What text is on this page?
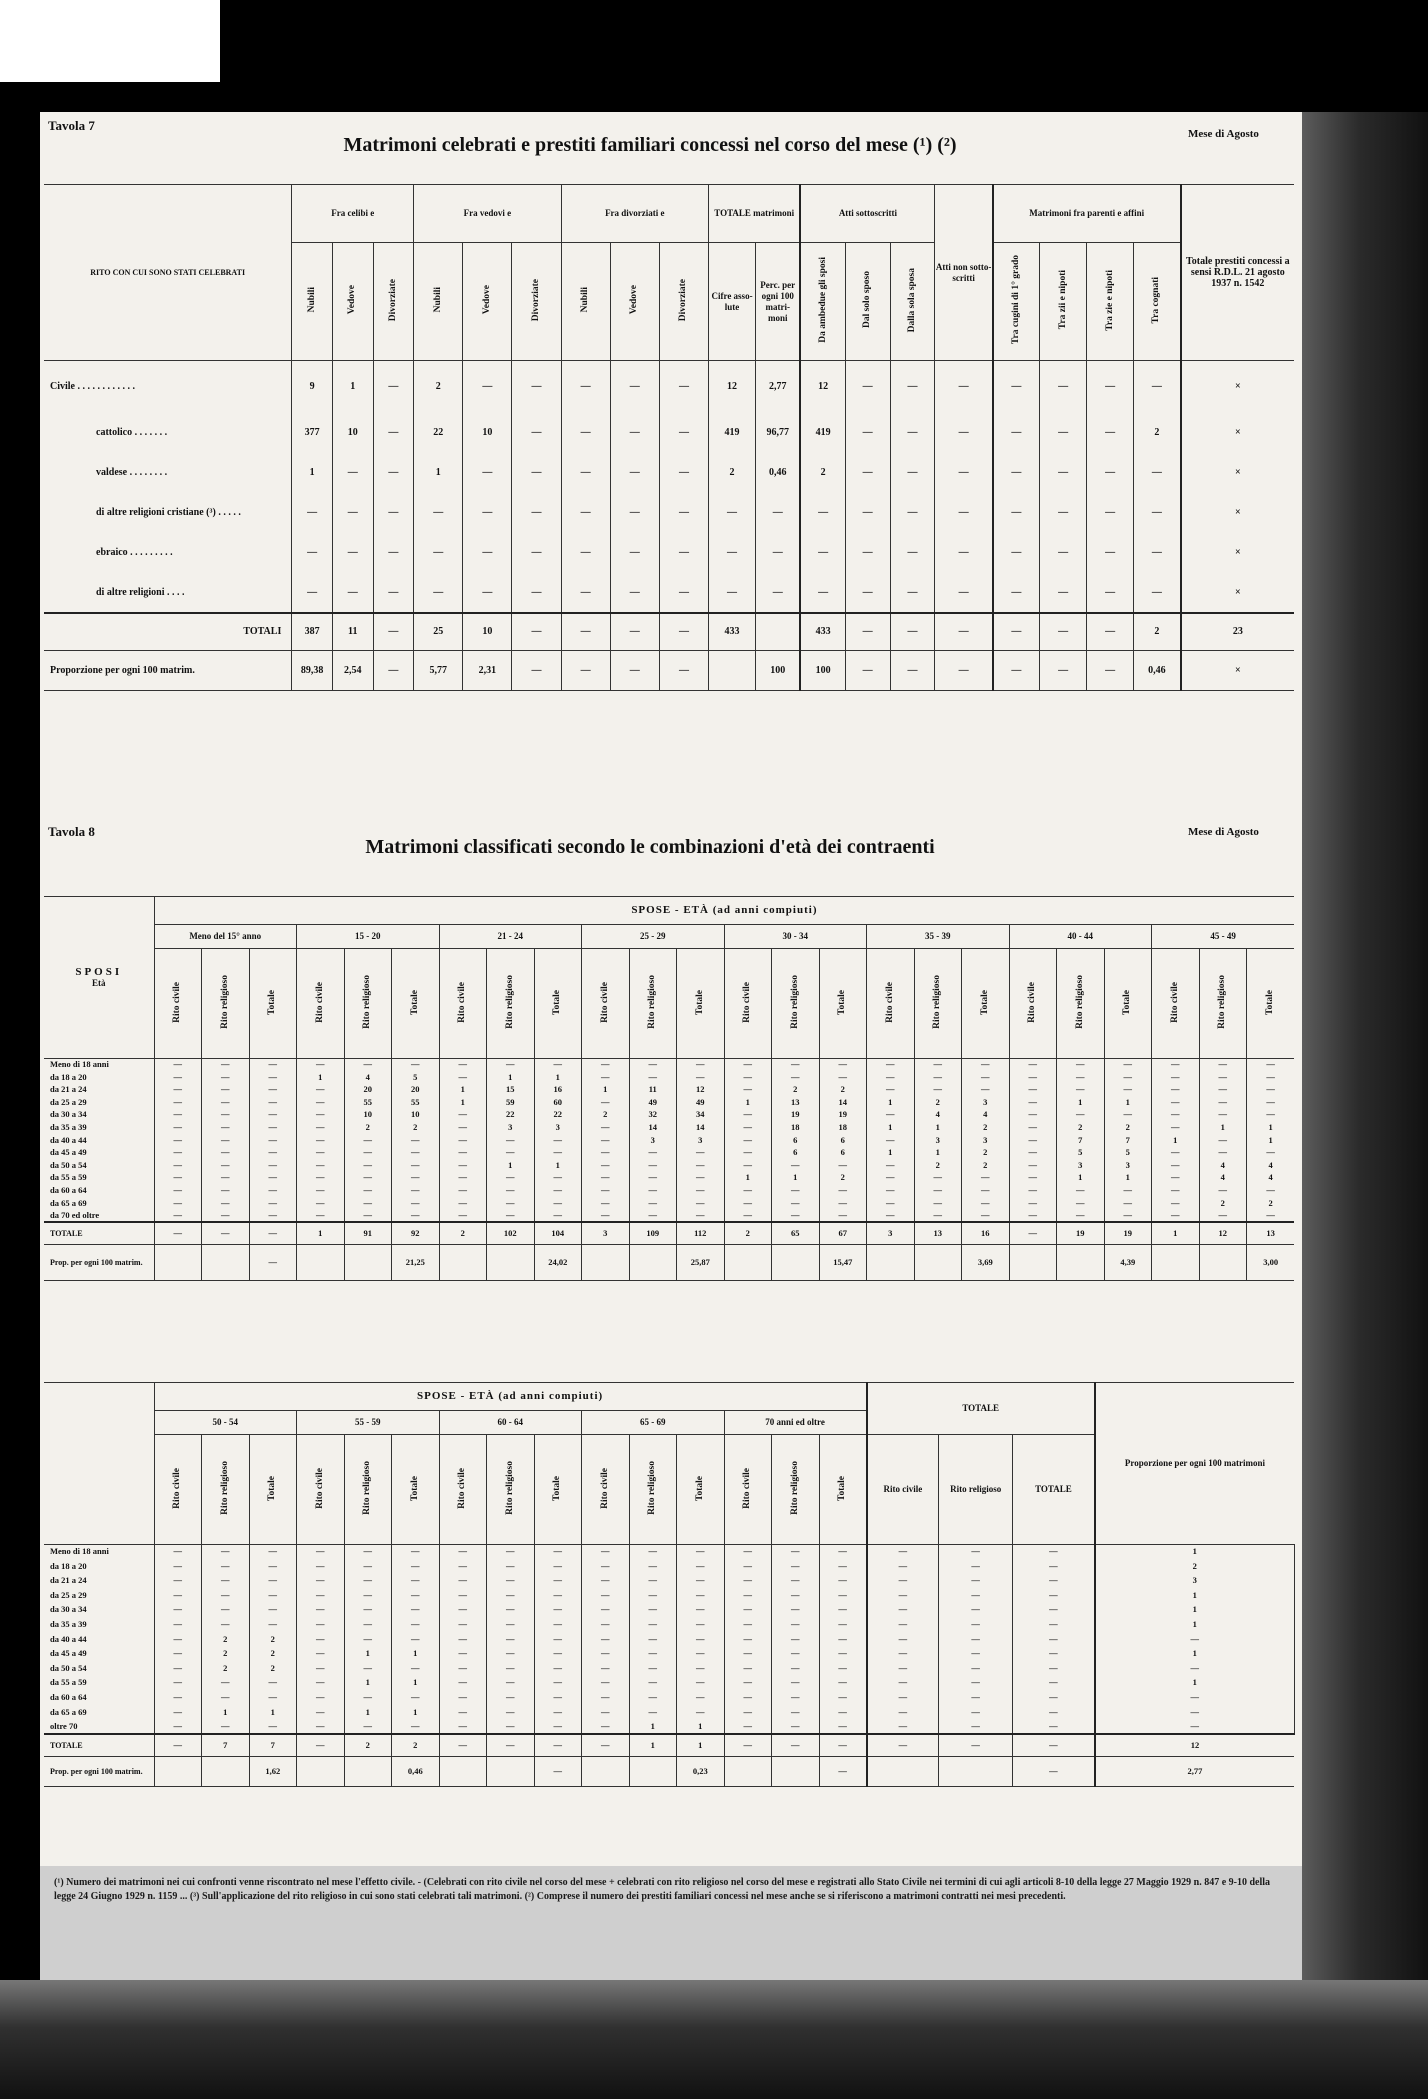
Tavola 7
Matrimoni celebrati e prestiti familiari concessi nel corso del mese (¹) (²)	Mese di Agosto
RITO CON CUI SONO STATI CELEBRATI	Fra celibi e			Fra vedovi e			Fra divorziati e			TOTALE matrimoni		Atti sottoscritti			Atti non sotto- scritti	Matrimoni fra parenti e affini				Totale prestiti concessi a sensi R.D.L. 21 agosto 1937 n. 1542
	Nubili	Vedove	Divorziate	Nubili	Vedove	Divorziate	Nubili	Vedove	Divorziate	Cifre asso- lute	Perc. per ogni 100 matri- moni	Da ambedue gli sposi	Dal solo sposo	Dalla sola sposa		Tra cugini di 1° grado	Tra zii e nipoti	Tra zie e nipoti	Tra cognati	
Civile . . . . . . . . . . . .	9	1	—	2	—	—	—	—	—	12	2,77	12	—	—	—	—	—	—	—	×
cattolico . . . . . . .	377	10	—	22	10	—	—	—	—	419	96,77	419	—	—	—	—	—	—	2	×
valdese . . . . . . . .	1	—	—	1	—	—	—	—	—	2	0,46	2	—	—	—	—	—	—	—	×
di altre religioni cristiane (³) . . . . .	—	—	—	—	—	—	—	—	—	—	—	—	—	—	—	—	—	—	—	×
ebraico . . . . . . . . .	—	—	—	—	—	—	—	—	—	—	—	—	—	—	—	—	—	—	—	×
di altre religioni . . . .	—	—	—	—	—	—	—	—	—	—	—	—	—	—	—	—	—	—	—	×
TOTALI	387	11	—	25	10	—	—	—	—	433		433	—	—	—	—	—	—	2	23
Proporzione per ogni 100 matrim.	89,38	2,54	—	5,77	2,31	—	—	—	—		100	100	—	—	—	—	—	—	0,46	×
Tavola 8
Matrimoni classificati secondo le combinazioni d'età dei contraenti
Mese di Agosto
SPOSI
Età	SPOSE - ETÀ (ad anni compiuti)																							
	Meno del 15° anno			15 - 20			21 - 24			25 - 29			30 - 34			35 - 39			40 - 44			45 - 49		
	Rito civile	Rito religioso	Totale	Rito civile	Rito religioso	Totale	Rito civile	Rito religioso	Totale	Rito civile	Rito religioso	Totale	Rito civile	Rito religioso	Totale	Rito civile	Rito religioso	Totale	Rito civile	Rito religioso	Totale	Rito civile	Rito religioso	Totale
Meno di 18 anni	—	—	—	—	—	—	—	—	—	—	—	—	—	—	—	—	—	—	—	—	—	—	—	—
da 18 a 20	—	—	—	1	4	5	—	1	1	—	—	—	—	—	—	—	—	—	—	—	—	—	—	—
da 21 a 24	—	—	—	—	20	20	1	15	16	1	11	12	—	2	2	—	—	—	—	—	—	—	—	—
da 25 a 29	—	—	—	—	55	55	1	59	60	—	49	49	1	13	14	1	2	3	—	1	1	—	—	—
da 30 a 34	—	—	—	—	10	10	—	22	22	2	32	34	—	19	19	—	4	4	—	—	—	—	—	—
da 35 a 39	—	—	—	—	2	2	—	3	3	—	14	14	—	18	18	1	1	2	—	2	2	—	1	1
da 40 a 44	—	—	—	—	—	—	—	—	—	—	3	3	—	6	6	—	3	3	—	7	7	1	—	1
da 45 a 49	—	—	—	—	—	—	—	—	—	—	—	—	—	6	6	1	1	2	—	5	5	—	—	—
da 50 a 54	—	—	—	—	—	—	—	1	1	—	—	—	—	—	—	—	2	2	—	3	3	—	4	4
da 55 a 59	—	—	—	—	—	—	—	—	—	—	—	—	1	1	2	—	—	—	—	1	1	—	4	4
da 60 a 64	—	—	—	—	—	—	—	—	—	—	—	—	—	—	—	—	—	—	—	—	—	—	—	—
da 65 a 69	—	—	—	—	—	—	—	—	—	—	—	—	—	—	—	—	—	—	—	—	—	—	2	2
da 70 ed oltre	—	—	—	—	—	—	—	—	—	—	—	—	—	—	—	—	—	—	—	—	—	—	—	—
TOTALE	—	—	—	1	91	92	2	102	104	3	109	112	2	65	67	3	13	16	—	19	19	1	12	13
Prop. per ogni 100 matrim.			—			21,25			24,02			25,87			15,47			3,69			4,39			3,00
	SPOSE - ETÀ (ad anni compiuti)															TOTALE			Proporzione per ogni 100 matrimoni	
	50 - 54			55 - 59			60 - 64			65 - 69			70 anni ed oltre							
	Rito civile	Rito religioso	Totale	Rito civile	Rito religioso	Totale	Rito civile	Rito religioso	Totale	Rito civile	Rito religioso	Totale	Rito civile	Rito religioso	Totale	Rito civile	Rito religioso	TOTALE		
Meno di 18 anni	—	—	—	—	—	—	—	—	—	—	—	—	—	—	—	—	—	—	1			
da 18 a 20	—	—	—	—	—	—	—	—	—	—	—	—	—	—	—	—	—	—	2			
da 21 a 24	—	—	—	—	—	—	—	—	—	—	—	—	—	—	—	—	—	—	3			
da 25 a 29	—	—	—	—	—	—	—	—	—	—	—	—	—	—	—	—	—	—	1			
da 30 a 34	—	—	—	—	—	—	—	—	—	—	—	—	—	—	—	—	—	—	1			
da 35 a 39	—	—	—	—	—	—	—	—	—	—	—	—	—	—	—	—	—	—	1			
da 40 a 44	—	2	2	—	—	—	—	—	—	—	—	—	—	—	—	—	—	—	—			
da 45 a 49	—	2	2	—	1	1	—	—	—	—	—	—	—	—	—	—	—	—	1			
da 50 a 54	—	2	2	—	—	—	—	—	—	—	—	—	—	—	—	—	—	—	—			
da 55 a 59	—	—	—	—	1	1	—	—	—	—	—	—	—	—	—	—	—	—	1			
da 60 a 64	—	—	—	—	—	—	—	—	—	—	—	—	—	—	—	—	—	—	—			
da 65 a 69	—	1	1	—	1	1	—	—	—	—	—	—	—	—	—	—	—	—	—			
oltre 70	—	—	—	—	—	—	—	—	—	—	1	1	—	—	—	—	—	—	—			
TOTALE	—	7	7	—	2	2	—	—	—	—	1	1	—	—	—	—	—	—	12	
Prop. per ogni 100 matrim.			1,62			0,46			—			0,23			—			—	2,77	
(¹) Numero dei matrimoni nei cui confronti venne riscontrato nel mese l'effetto civile. - (Celebrati con rito civile nel corso del mese + celebrati con rito religioso nel corso del mese e registrati allo Stato Civile nei termini di cui agli articoli 8-10 della legge 27 Maggio 1929 n. 847 e 9-10 della legge 24 Giugno 1929 n. 1159 ... (³) Sull'applicazione del rito religioso in cui sono stati celebrati tali matrimoni. (²) Comprese il numero dei prestiti familiari concessi nel mese anche se si riferiscono a matrimoni contratti nei mesi precedenti.
